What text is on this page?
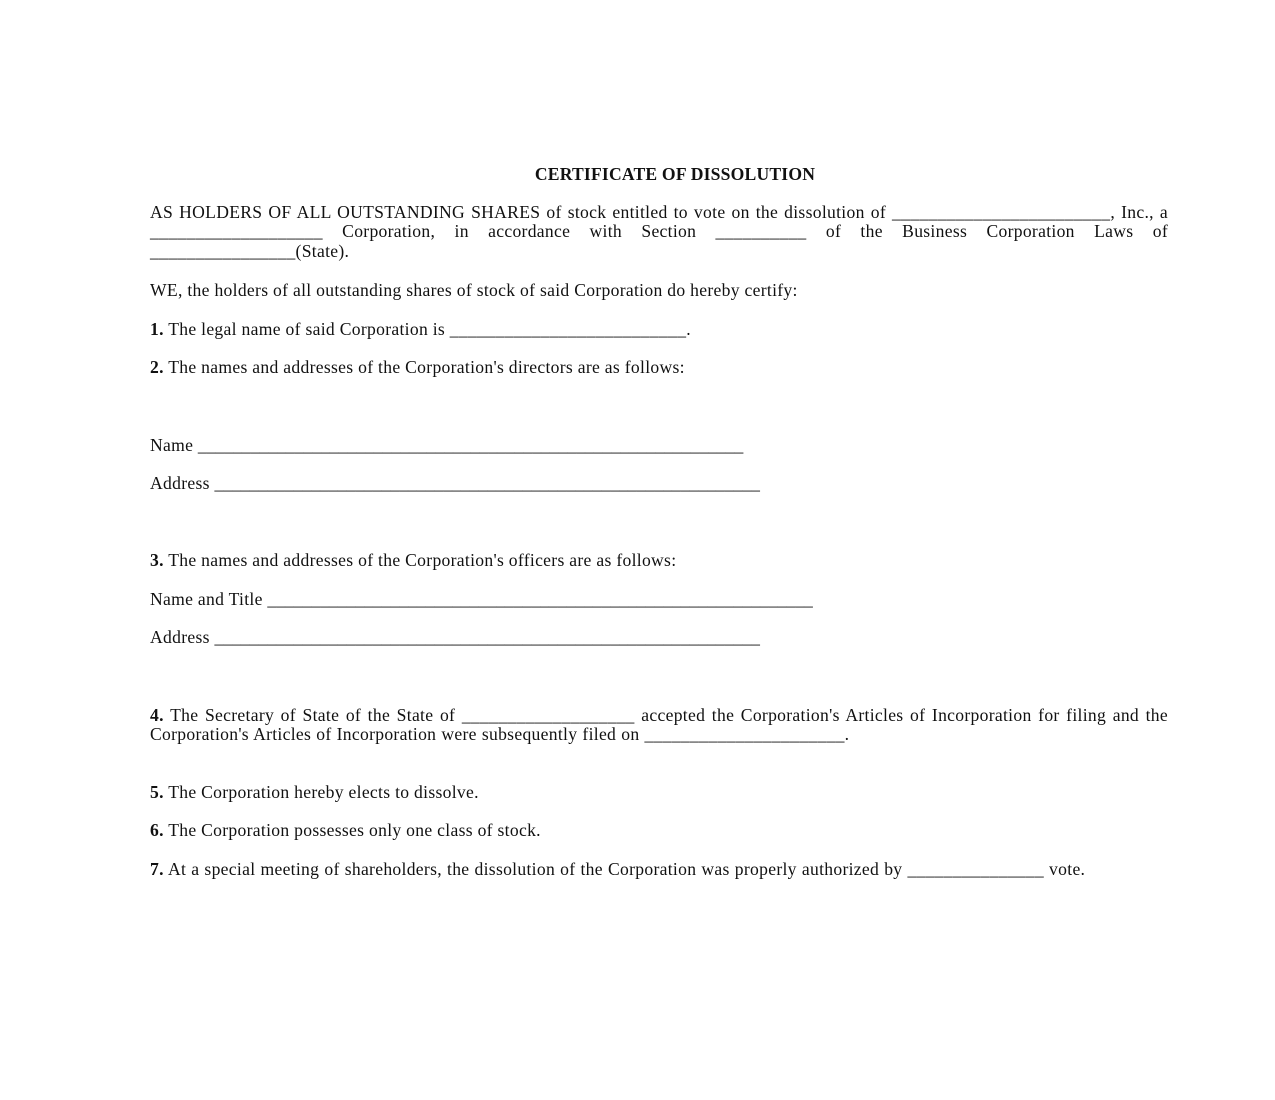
CERTIFICATE OF DISSOLUTION

AS HOLDERS OF ALL OUTSTANDING SHARES of stock entitled to vote on the dissolution of ________________________, Inc., a ___________________ Corporation, in accordance with Section __________ of the Business Corporation Laws of ________________(State).

WE, the holders of all outstanding shares of stock of said Corporation do hereby certify:

1. The legal name of said Corporation is __________________________.

2. The names and addresses of the Corporation's directors are as follows:

Name ______________________________________________________________

Address ______________________________________________________________

3. The names and addresses of the Corporation's officers are as follows:

Name and Title ______________________________________________________________

Address ______________________________________________________________

4. The Secretary of State of the State of ___________________ accepted the Corporation's Articles of Incorporation for filing and the Corporation's Articles of Incorporation were subsequently filed on ______________________.

5. The Corporation hereby elects to dissolve.

6. The Corporation possesses only one class of stock.

7. At a special meeting of shareholders, the dissolution of the Corporation was properly authorized by _______________ vote.
